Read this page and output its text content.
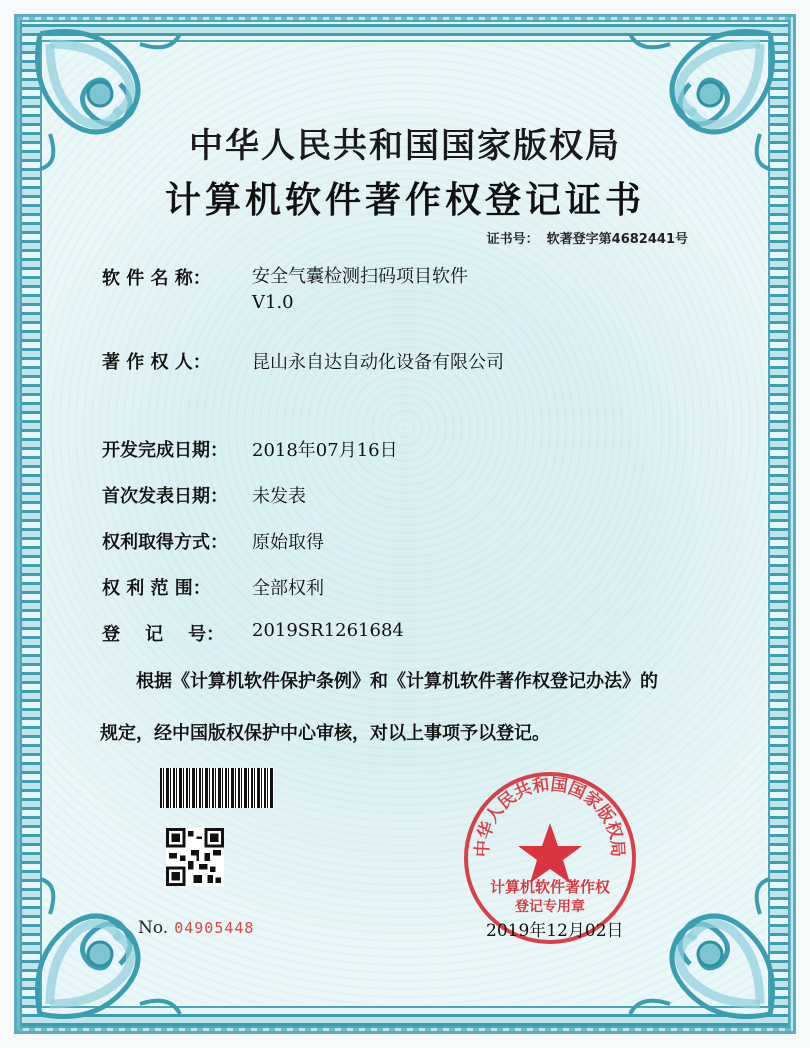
中华人民共和国国家版权局
计算机软件著作权登记证书
证书号： 软著登字第4682441号
软 件 名 称：	安全气囊检测扫码项目软件
V1.0
著 作 权 人：	昆山永自达自动化设备有限公司
开发完成日期：	2018年07月16日
首次发表日期：	未发表
权利取得方式：	原始取得
权 利 范 围：	全部权利
登    记    号：	2019SR1261684
根据《计算机软件保护条例》和《计算机软件著作权登记办法》的
规定，经中国版权保护中心审核，对以上事项予以登记。
No. 04905448
中华人民共和国国家版权局
计算机软件著作权
登记专用章
2019年12月02日
